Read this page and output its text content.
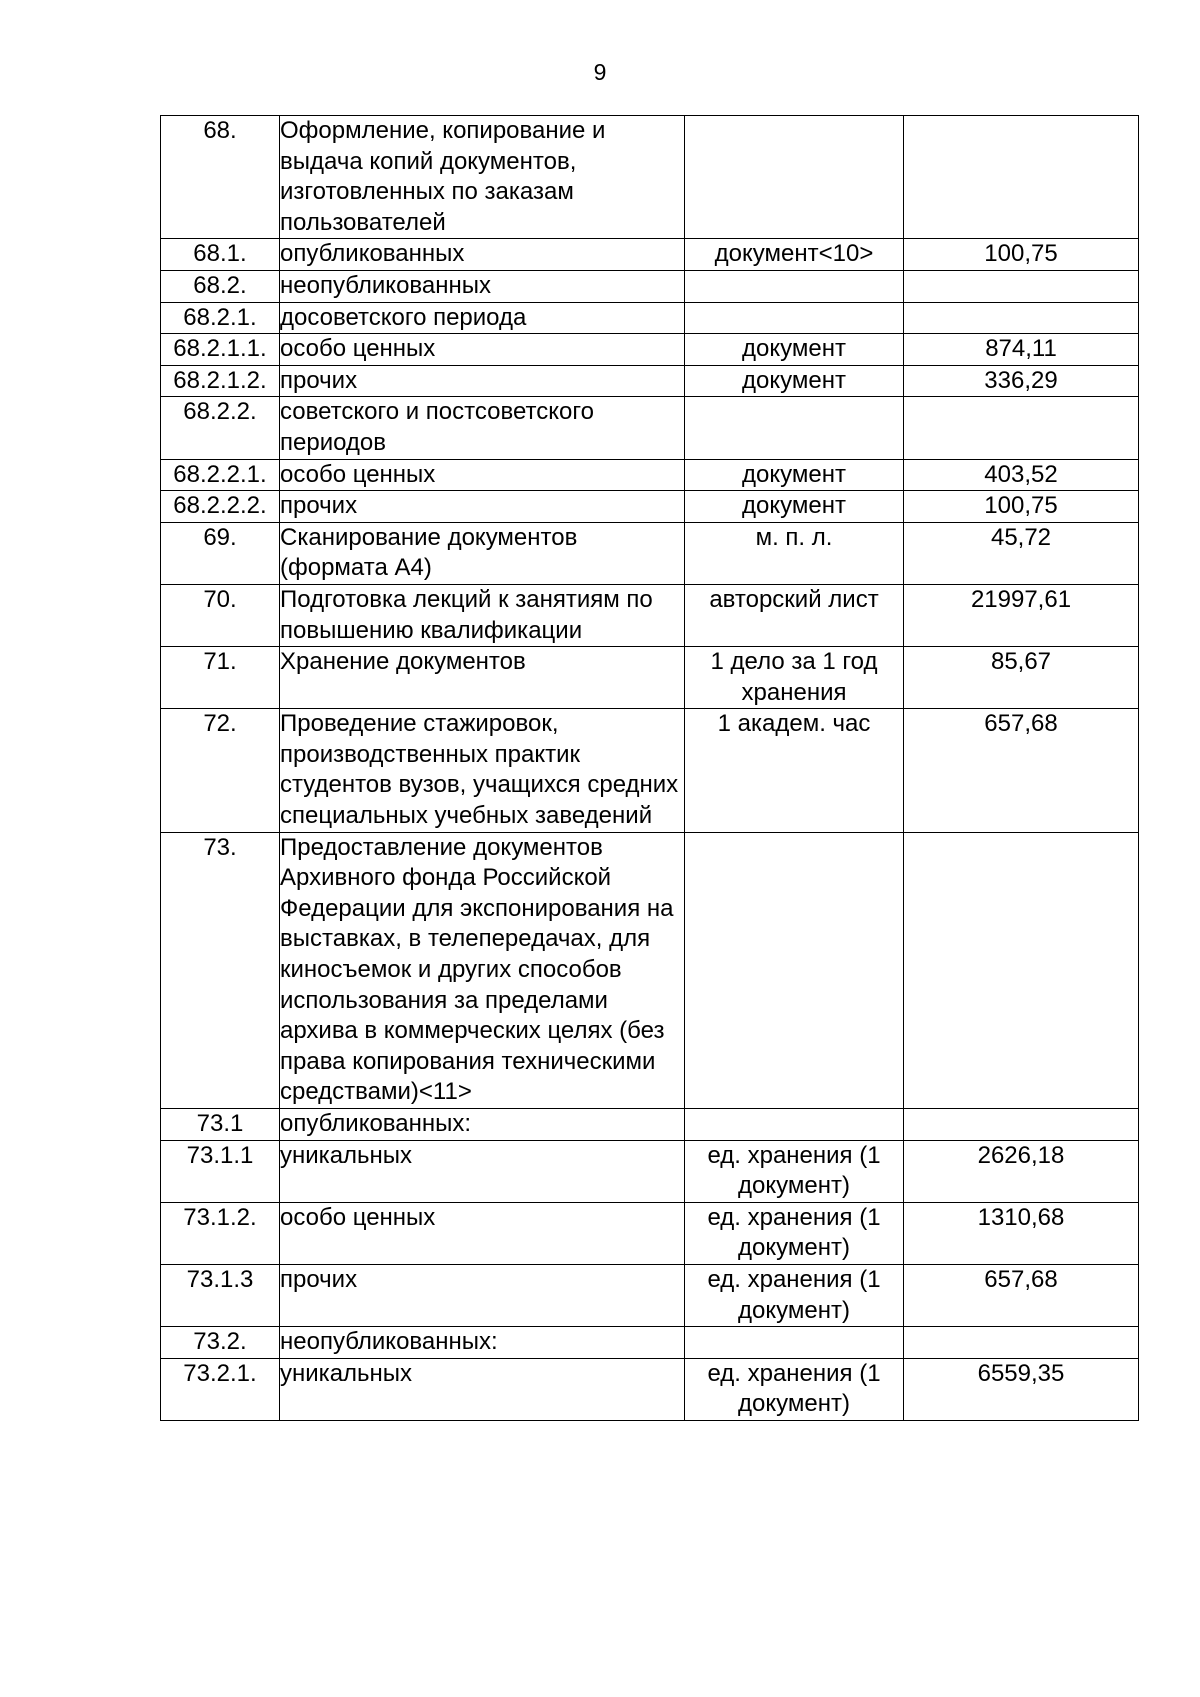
9
68.	Оформление, копирование и выдача копий документов, изготовленных по заказам пользователей		
68.1.	опубликованных	документ<10>	100,75
68.2.	неопубликованных		
68.2.1.	досоветского периода		
68.2.1.1.	особо ценных	документ	874,11
68.2.1.2.	прочих	документ	336,29
68.2.2.	советского и постсоветского периодов		
68.2.2.1.	особо ценных	документ	403,52
68.2.2.2.	прочих	документ	100,75
69.	Сканирование документов (формата А4)	м. п. л.	45,72
70.	Подготовка лекций к занятиям по повышению квалификации	авторский лист	21997,61
71.	Хранение документов	1 дело за 1 год хранения	85,67
72.	Проведение стажировок, производственных практик студентов вузов, учащихся средних специальных учебных заведений	1 академ. час	657,68
73.	Предоставление документов Архивного фонда Российской Федерации для экспонирования на выставках, в телепередачах, для киносъемок и других способов использования за пределами архива в коммерческих целях (без права копирования техническими средствами)<11>		
73.1	опубликованных:		
73.1.1	уникальных	ед. хранения (1 документ)	2626,18
73.1.2.	особо ценных	ед. хранения (1 документ)	1310,68
73.1.3	прочих	ед. хранения (1 документ)	657,68
73.2.	неопубликованных:		
73.2.1.	уникальных	ед. хранения (1 документ)	6559,35
